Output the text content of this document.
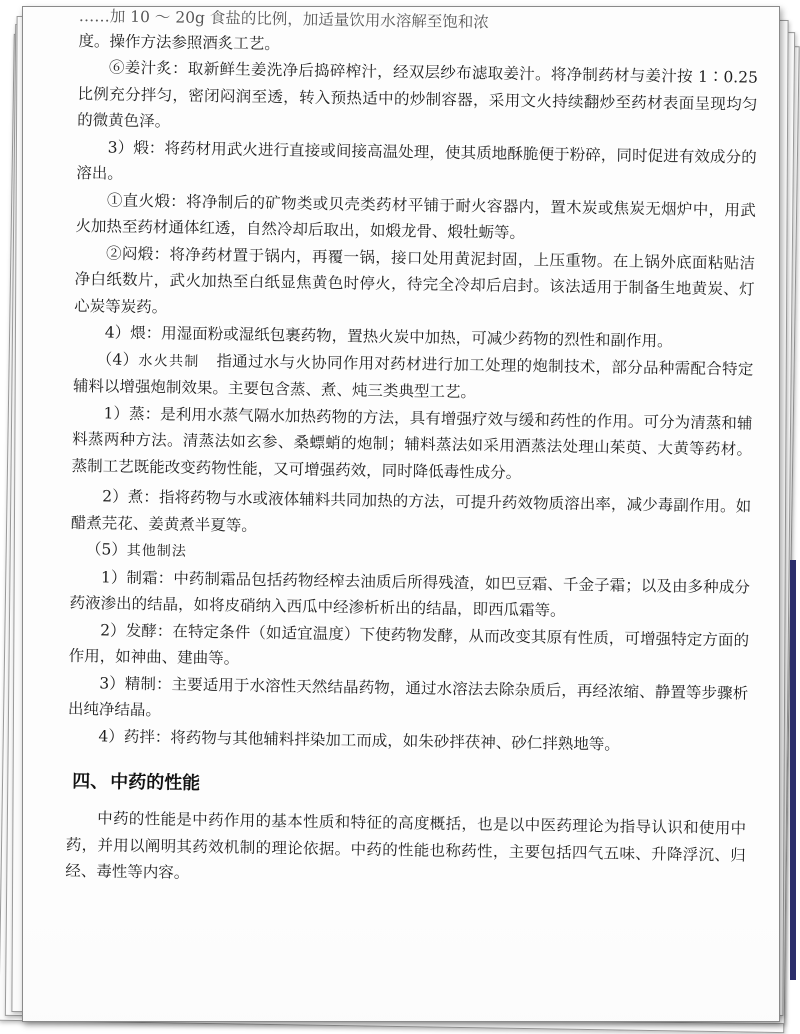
……加 10 ～ 20g 食盐的比例，加适量饮用水溶解至饱和浓

度。操作方法参照酒炙工艺。

⑥姜汁炙：取新鲜生姜洗净后捣碎榨汁，经双层纱布滤取姜汁。将净制药材与姜汁按 1∶0.25 比例充分拌匀，密闭闷润至透，转入预热适中的炒制容器，采用文火持续翻炒至药材表面呈现均匀的微黄色泽。

3）煅：将药材用武火进行直接或间接高温处理，使其质地酥脆便于粉碎，同时促进有效成分的溶出。

①直火煅：将净制后的矿物类或贝壳类药材平铺于耐火容器内，置木炭或焦炭无烟炉中，用武火加热至药材通体红透，自然冷却后取出，如煅龙骨、煅牡蛎等。

②闷煅：将净药材置于锅内，再覆一锅，接口处用黄泥封固，上压重物。在上锅外底面粘贴洁净白纸数片，武火加热至白纸显焦黄色时停火，待完全冷却后启封。该法适用于制备生地黄炭、灯心炭等炭药。

4）煨：用湿面粉或湿纸包裹药物，置热火炭中加热，可减少药物的烈性和副作用。

（4）水火共制 指通过水与火协同作用对药材进行加工处理的炮制技术，部分品种需配合特定辅料以增强炮制效果。主要包含蒸、煮、炖三类典型工艺。

1）蒸：是利用水蒸气隔水加热药物的方法，具有增强疗效与缓和药性的作用。可分为清蒸和辅料蒸两种方法。清蒸法如玄参、桑螵蛸的炮制；辅料蒸法如采用酒蒸法处理山茱萸、大黄等药材。蒸制工艺既能改变药物性能，又可增强药效，同时降低毒性成分。

2）煮：指将药物与水或液体辅料共同加热的方法，可提升药效物质溶出率，减少毒副作用。如醋煮芫花、姜黄煮半夏等。

（5）其他制法

1）制霜：中药制霜品包括药物经榨去油质后所得残渣，如巴豆霜、千金子霜；以及由多种成分药液渗出的结晶，如将皮硝纳入西瓜中经渗析析出的结晶，即西瓜霜等。

2）发酵：在特定条件（如适宜温度）下使药物发酵，从而改变其原有性质，可增强特定方面的作用，如神曲、建曲等。

3）精制：主要适用于水溶性天然结晶药物，通过水溶法去除杂质后，再经浓缩、静置等步骤析出纯净结晶。

4）药拌：将药物与其他辅料拌染加工而成，如朱砂拌茯神、砂仁拌熟地等。

四、中药的性能

中药的性能是中药作用的基本性质和特征的高度概括，也是以中医药理论为指导认识和使用中药，并用以阐明其药效机制的理论依据。中药的性能也称药性，主要包括四气五味、升降浮沉、归经、毒性等内容。
